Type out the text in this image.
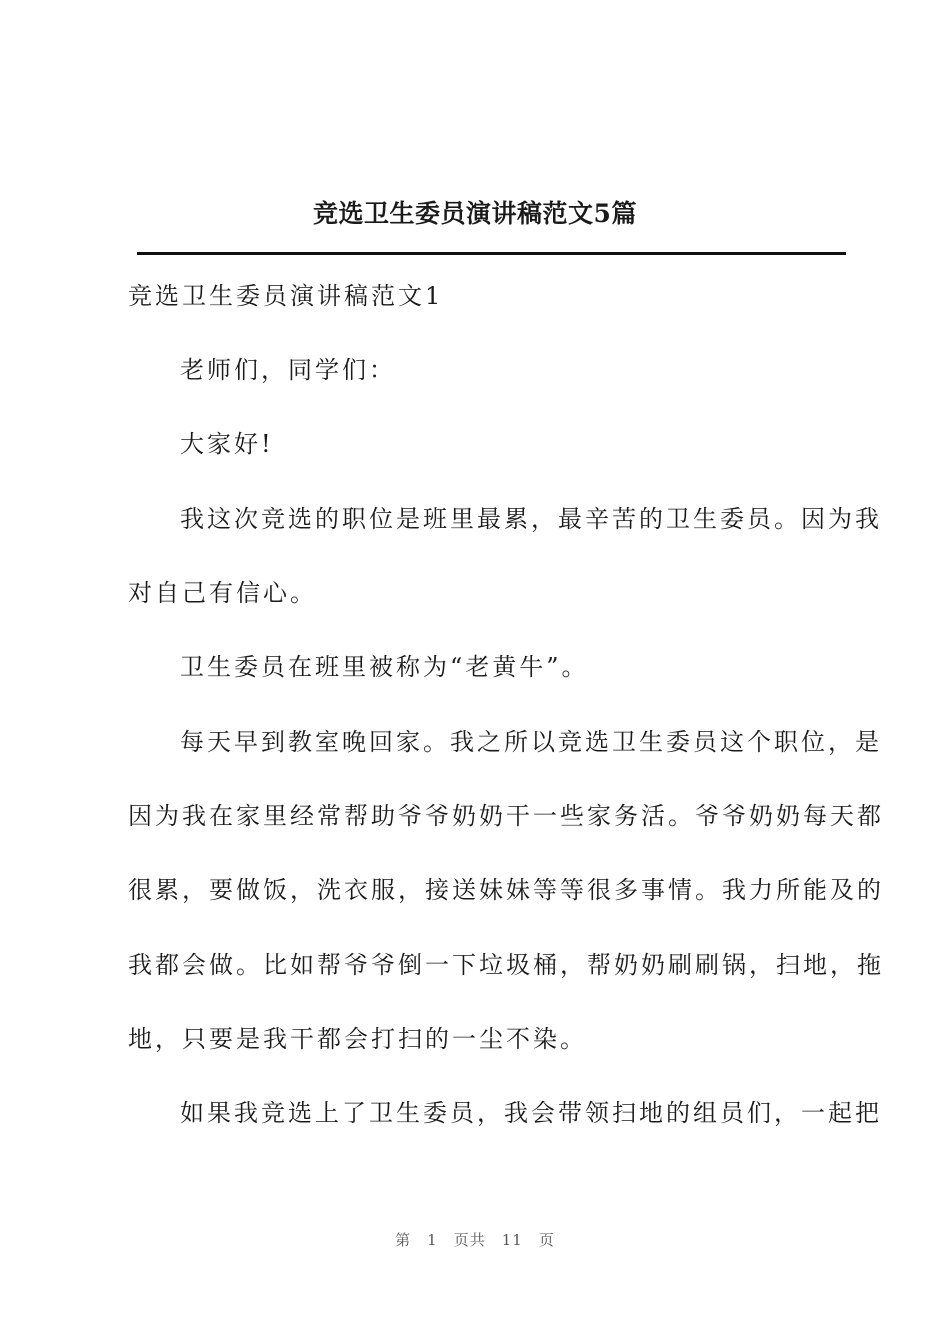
竞选卫生委员演讲稿范文5篇
竞选卫生委员演讲稿范文1
老师们，同学们：
大家好!
我这次竞选的职位是班里最累，最辛苦的卫生委员。因为我
对自己有信心。
卫生委员在班里被称为“老黄牛”。
每天早到教室晚回家。我之所以竞选卫生委员这个职位，是
因为我在家里经常帮助爷爷奶奶干一些家务活。爷爷奶奶每天都
很累，要做饭，洗衣服，接送妹妹等等很多事情。我力所能及的
我都会做。比如帮爷爷倒一下垃圾桶，帮奶奶刷刷锅，扫地，拖
地，只要是我干都会打扫的一尘不染。
如果我竞选上了卫生委员，我会带领扫地的组员们，一起把
第 1 页共 11 页
